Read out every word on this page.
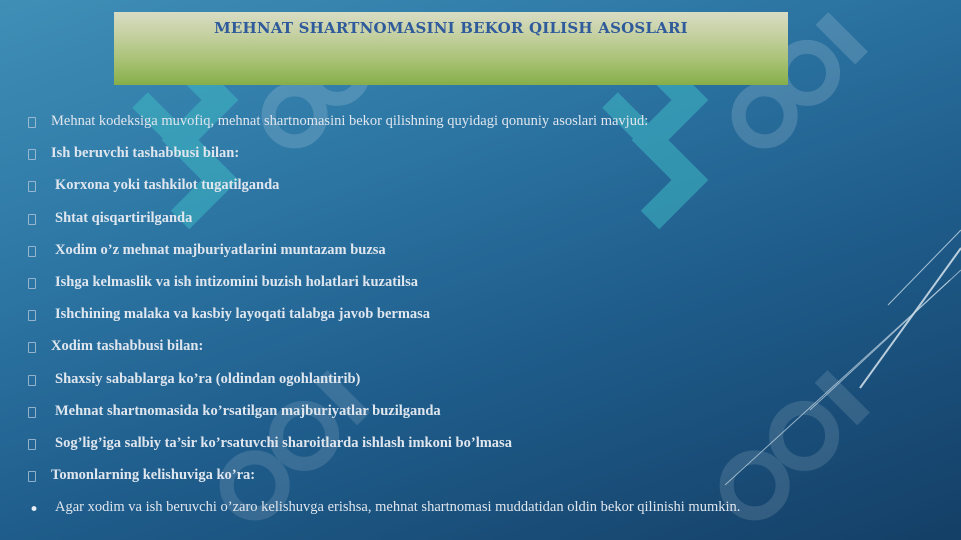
MEHNAT SHARTNOMASINI BEKOR QILISH ASOSLARI
Mehnat kodeksiga muvofiq, mehnat shartnomasini bekor qilishning quyidagi qonuniy asoslari mavjud:
Ish beruvchi tashabbusi bilan:
Korxona yoki tashkilot tugatilganda
Shtat qisqartirilganda
Xodim o’z mehnat majburiyatlarini muntazam buzsa
Ishga kelmaslik va ish intizomini buzish holatlari kuzatilsa
Ishchining malaka va kasbiy layoqati talabga javob bermasa
Xodim tashabbusi bilan:
Shaxsiy sabablarga ko’ra (oldindan ogohlantirib)
Mehnat shartnomasida ko’rsatilgan majburiyatlar buzilganda
Sog’lig’iga salbiy ta’sir ko’rsatuvchi sharoitlarda ishlash imkoni bo’lmasa
Tomonlarning kelishuviga ko’ra:
• Agar xodim va ish beruvchi o’zaro kelishuvga erishsa, mehnat shartnomasi muddatidan oldin bekor qilinishi mumkin.
